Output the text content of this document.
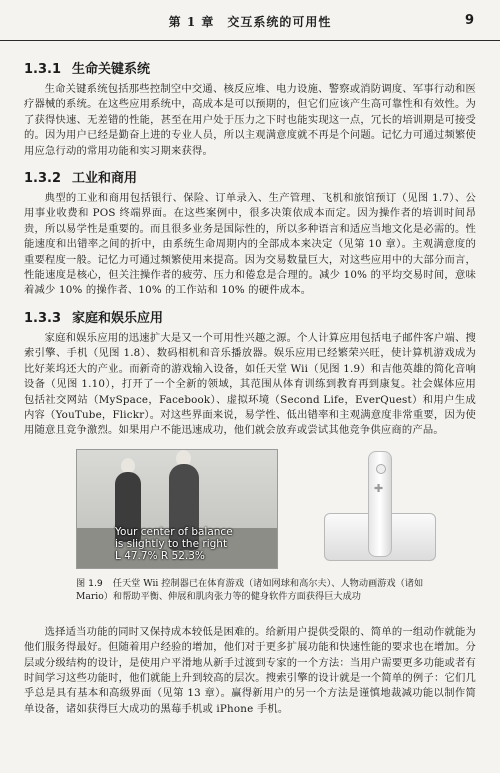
第 1 章　交互系统的可用性	9
1.3.1 生命关键系统

生命关键系统包括那些控制空中交通、核反应堆、电力设施、警察或消防调度、军事行动和医疗器械的系统。在这些应用系统中，高成本是可以预期的，但它们应该产生高可靠性和有效性。为了获得快速、无差错的性能，甚至在用户处于压力之下时也能实现这一点，冗长的培训期是可接受的。因为用户已经是勤奋上进的专业人员，所以主观满意度就不再是个问题。记忆力可通过频繁使用应急行动的常用功能和实习期来获得。

1.3.2 工业和商用

典型的工业和商用包括银行、保险、订单录入、生产管理、飞机和旅馆预订（见图 1.7）、公用事业收费和 POS 终端界面。在这些案例中，很多决策依成本而定。因为操作者的培训时间昂贵，所以易学性是重要的。而且很多业务是国际性的，所以多种语言和适应当地文化是必需的。性能速度和出错率之间的折中，由系统生命周期内的全部成本来决定（见第 10 章）。主观满意度的重要程度一般。记忆力可通过频繁使用来提高。因为交易数量巨大，对这些应用中的大部分而言，性能速度是核心，但关注操作者的疲劳、压力和倦怠是合理的。减少 10% 的平均交易时间，意味着减少 10% 的操作者、10% 的工作站和 10% 的硬件成本。

1.3.3 家庭和娱乐应用

家庭和娱乐应用的迅速扩大是又一个可用性兴趣之源。个人计算应用包括电子邮件客户端、搜索引擎、手机（见图 1.8）、数码相机和音乐播放器。娱乐应用已经繁荣兴旺，使计算机游戏成为比好莱坞还大的产业。而新奇的游戏输入设备，如任天堂 Wii（见图 1.9）和吉他英雄的简化音响设备（见图 1.10），打开了一个全新的领域，其范围从体育训练到教育再到康复。社会媒体应用包括社交网站（MySpace，Facebook）、虚拟环境（Second Life，EverQuest）和用户生成内容（YouTube，Flickr）。对这些界面来说，易学性、低出错率和主观满意度非常重要，因为使用随意且竞争激烈。如果用户不能迅速成功，他们就会放弃或尝试其他竞争供应商的产品。

Your center of balance
is slightly to the right
L 47.7% R 52.3%
✚
图 1.9 任天堂 Wii 控制器已在体育游戏（诸如网球和高尔夫）、人物动画游戏（诸如 Mario）和帮助平衡、伸展和肌肉张力等的健身软件方面获得巨大成功

选择适当功能的同时又保持成本较低是困难的。给新用户提供受限的、简单的一组动作就能为他们服务得最好。但随着用户经验的增加，他们对于更多扩展功能和快速性能的要求也在增加。分层或分级结构的设计，是使用户平滑地从新手过渡到专家的一个方法：当用户需要更多功能或者有时间学习这些功能时，他们就能上升到较高的层次。搜索引擎的设计就是一个简单的例子：它们几乎总是具有基本和高级界面（见第 13 章）。赢得新用户的另一个方法是谨慎地裁减功能以制作简单设备，诸如获得巨大成功的黑莓手机或 iPhone 手机。
